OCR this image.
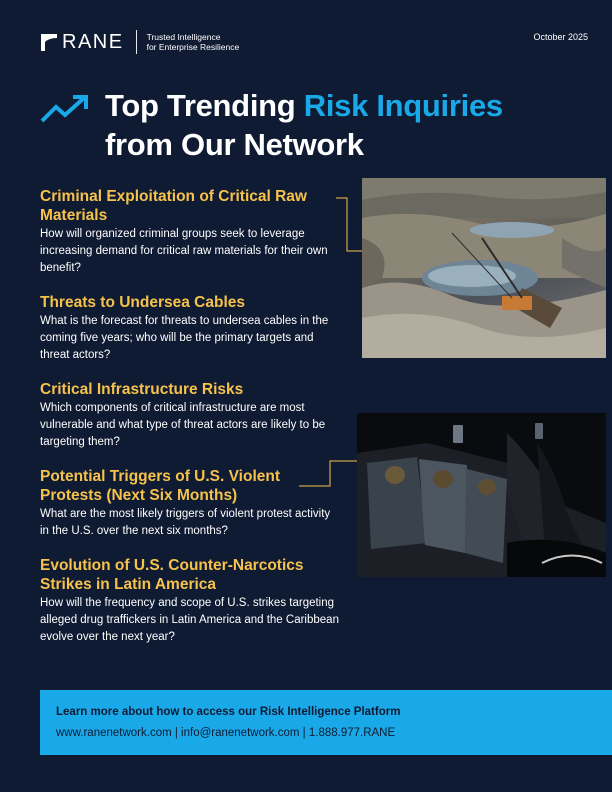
RANE	Trusted Intelligence
for Enterprise Resilience
October 2025
Top Trending Risk Inquiries
from Our Network
Criminal Exploitation of Critical Raw Materials
How will organized criminal groups seek to leverage increasing demand for critical raw materials for their own benefit?
Threats to Undersea Cables
What is the forecast for threats to undersea cables in the coming five years; who will be the primary targets and threat actors?
Critical Infrastructure Risks
Which components of critical infrastructure are most vulnerable and what type of threat actors are likely to be targeting them?
Potential Triggers of U.S. Violent Protests (Next Six Months)
What are the most likely triggers of violent protest activity in the U.S. over the next six months?
Evolution of U.S. Counter-Narcotics Strikes in Latin America
How will the frequency and scope of U.S. strikes targeting alleged drug traffickers in Latin America and the Caribbean evolve over the next year?
Learn more about how to access our Risk Intelligence Platform
www.ranenetwork.com | info@ranenetwork.com | 1.888.977.RANE
